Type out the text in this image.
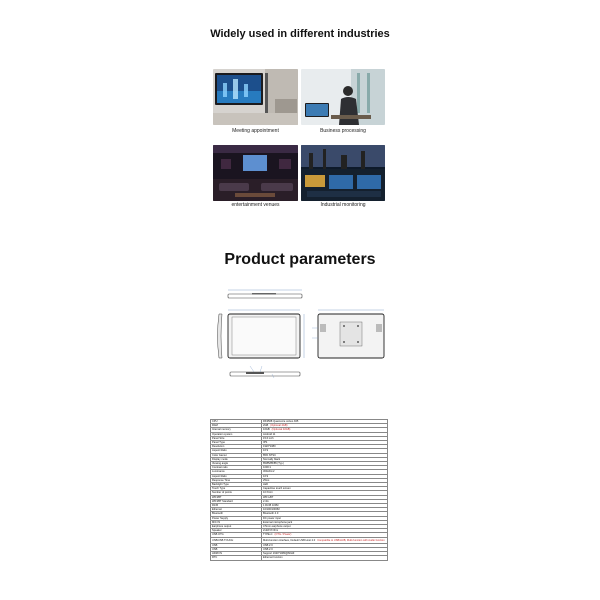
Widely used in different industries
Meeting appointment	Business processing
entertainment venues	Industrial monitoring
Product parameters
CPU	RK3568 Quad-core cortex A55
RAM	2GB (Optional 4GB)
Internal memory	16GB (Optional 32GB)
Operation system	Android 11
Panel Size	15.6 inch
Panel Type	IPS
Resolution	1920*1080
Aspect Ratio	16:9
Color Gamut	85% NTSC
Display mode	Normally black
Viewing angle	85/85/85/85 (Typ.)
Contrast ratio	1000:1
Luminance	300cd/m2
Aspect Ratio	16:9
Response Time	25ms
Backlight Type	LED
Touch Type	Capacitive touch screen
Number of points	10 Point
WIFI/BT	WIFI+BT
WIFI/BT Standard	2.4G
RJ45	1 RJ45 100M
Ethernet	10/100/1000M
Bluetooth	Bluetooth 4.0
Power Supply	DC power input
MIC IN	External microphone jack
Earphone output	3.5mm earphone output
Speaker	2x2W 8 Ohm
USB OTG	TYPE-C (OTG / Power)
USB/USB TOUCH	Multi-function interface, Default USB Host 2.0 Compatible to USB/HUB, Multi-function with Audio function
USB	USB 2.0
USB	USB 2.0
HDMI IN	Support 1920*1080@60HZ
RTC	Ethernet function
